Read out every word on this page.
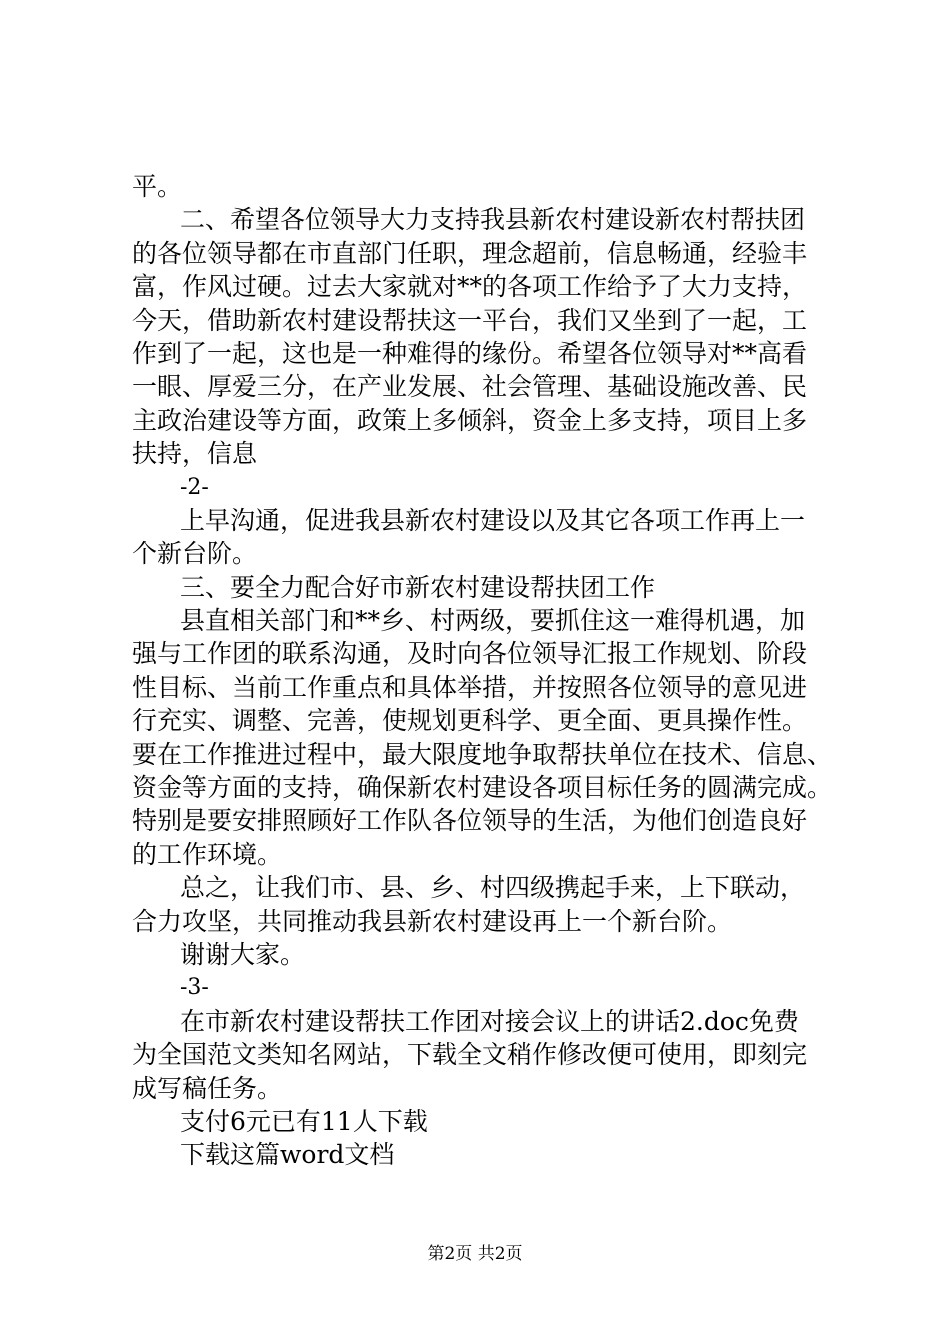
平。
二、希望各位领导大力支持我县新农村建设新农村帮扶团
的各位领导都在市直部门任职，理念超前，信息畅通，经验丰
富，作风过硬。过去大家就对**的各项工作给予了大力支持，
今天，借助新农村建设帮扶这一平台，我们又坐到了一起，工
作到了一起，这也是一种难得的缘份。希望各位领导对**高看
一眼、厚爱三分，在产业发展、社会管理、基础设施改善、民
主政治建设等方面，政策上多倾斜，资金上多支持，项目上多
扶持，信息
-2-
上早沟通，促进我县新农村建设以及其它各项工作再上一
个新台阶。
三、要全力配合好市新农村建设帮扶团工作
县直相关部门和**乡、村两级，要抓住这一难得机遇，加
强与工作团的联系沟通，及时向各位领导汇报工作规划、阶段
性目标、当前工作重点和具体举措，并按照各位领导的意见进
行充实、调整、完善，使规划更科学、更全面、更具操作性。
要在工作推进过程中，最大限度地争取帮扶单位在技术、信息、
资金等方面的支持，确保新农村建设各项目标任务的圆满完成。
特别是要安排照顾好工作队各位领导的生活，为他们创造良好
的工作环境。
总之，让我们市、县、乡、村四级携起手来，上下联动，
合力攻坚，共同推动我县新农村建设再上一个新台阶。
谢谢大家。
-3-
在市新农村建设帮扶工作团对接会议上的讲话2.doc免费
为全国范文类知名网站，下载全文稍作修改便可使用，即刻完
成写稿任务。
支付6元已有11人下载
下载这篇word文档
第2页 共2页
